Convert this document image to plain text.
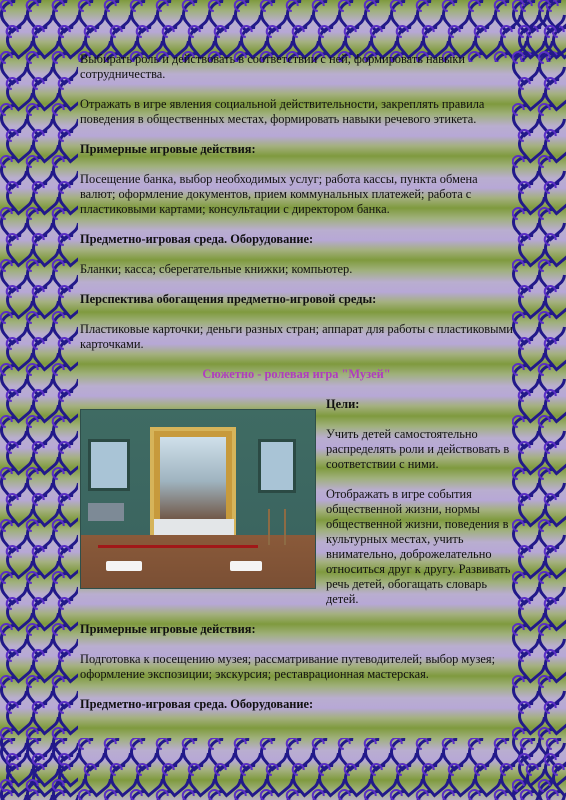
Выбирать роль и действовать в соответствии с ней, формировать навыки сотрудничества.

Отражать в игре явления социальной действительности, закреплять правила поведения в общественных местах, формировать навыки речевого этикета.

Примерные игровые действия:

Посещение банка, выбор необходимых услуг; работа кассы, пункта обмена валют; оформление документов, прием коммунальных платежей; работа с пластиковыми картами; консультации с директором банка.

Предметно-игровая среда. Оборудование:

Бланки; касса; сберегательные книжки; компьютер.

Перспектива обогащения предметно-игровой среды:

Пластиковые карточки; деньги разных стран; аппарат для работы с пластиковыми карточками.

Сюжетно - ролевая игра "Музей"

Цели:

Учить детей самостоятельно распределять роли и действовать в соответствии с ними.

Отображать в игре события общественной жизни, нормы общественной жизни, поведения в культурных местах, учить внимательно, доброжелательно относиться друг к другу. Развивать речь детей, обогащать словарь детей.

Примерные игровые действия:

Подготовка к посещению музея; рассматривание путеводителей; выбор музея; оформление экспозиции; экскурсия; реставрационная мастерская.

Предметно-игровая среда. Оборудование:
